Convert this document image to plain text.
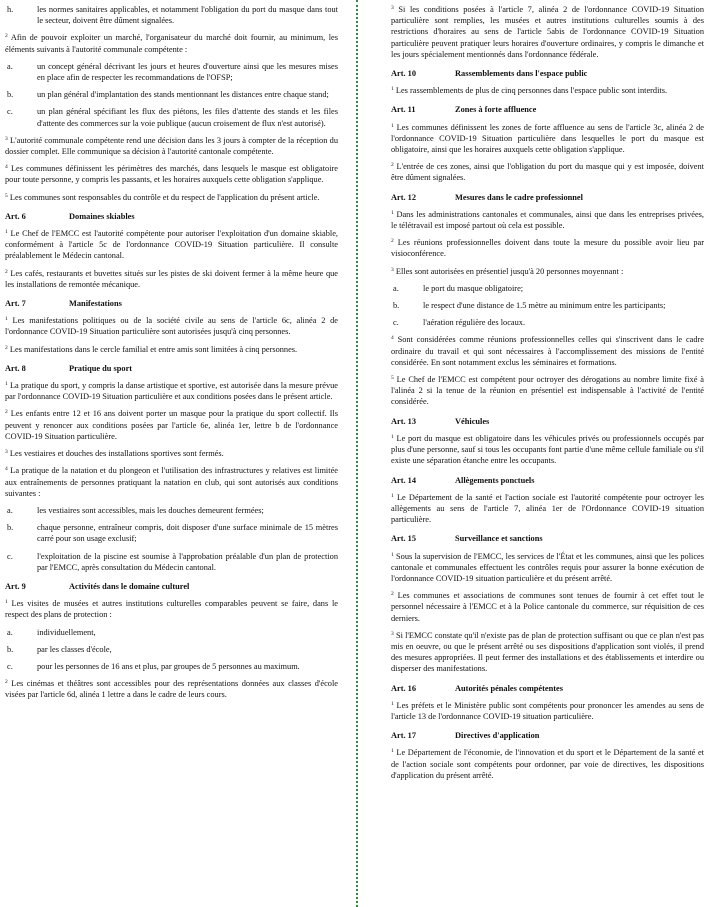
h.	les normes sanitaires applicables, et notamment l'obligation du port du masque dans tout le secteur, doivent être dûment signalées.

$^2$ Afin de pouvoir exploiter un marché, l'organisateur du marché doit fournir, au minimum, les éléments suivants à l'autorité communale compétente :

a.	un concept général décrivant les jours et heures d'ouverture ainsi que les mesures mises en place afin de respecter les recommandations de l'OFSP;
b.	un plan général d'implantation des stands mentionnant les distances entre chaque stand;
c.	un plan général spécifiant les flux des piétons, les files d'attente des stands et les files d'attente des commerces sur la voie publique (aucun croisement de flux n'est autorisé).

$^3$ L'autorité communale compétente rend une décision dans les 3 jours à compter de la réception du dossier complet. Elle communique sa décision à l'autorité cantonale compétente.

$^4$ Les communes définissent les périmètres des marchés, dans lesquels le masque est obligatoire pour toute personne, y compris les passants, et les horaires auxquels cette obligation s'applique.

$^5$ Les communes sont responsables du contrôle et du respect de l'application du présent article.

Art. 6	Domaines skiables

$^1$ Le Chef de l'EMCC est l'autorité compétente pour autoriser l'exploitation d'un domaine skiable, conformément à l'article 5c de l'ordonnance COVID-19 Situation particulière. Il consulte préalablement le Médecin cantonal.

$^2$ Les cafés, restaurants et buvettes situés sur les pistes de ski doivent fermer à la même heure que les installations de remontée mécanique.

Art. 7	Manifestations

$^1$ Les manifestations politiques ou de la société civile au sens de l'article 6c, alinéa 2 de l'ordonnance COVID-19 Situation particulière sont autorisées jusqu'à cinq personnes.

$^2$ Les manifestations dans le cercle familial et entre amis sont limitées à cinq personnes.

Art. 8	Pratique du sport

$^1$ La pratique du sport, y compris la danse artistique et sportive, est autorisée dans la mesure prévue par l'ordonnance COVID-19 Situation particulière et aux conditions posées dans le présent article.

$^2$ Les enfants entre 12 et 16 ans doivent porter un masque pour la pratique du sport collectif. Ils peuvent y renoncer aux conditions posées par l'article 6e, alinéa 1er, lettre b de l'ordonnance COVID-19 Situation particulière.

$^3$ Les vestiaires et douches des installations sportives sont fermés.

$^4$ La pratique de la natation et du plongeon et l'utilisation des infrastructures y relatives est limitée aux entraînements de personnes pratiquant la natation en club, qui sont autorisés aux conditions suivantes :

a.	les vestiaires sont accessibles, mais les douches demeurent fermées;
b.	chaque personne, entraîneur compris, doit disposer d'une surface minimale de 15 mètres carré pour son usage exclusif;
c.	l'exploitation de la piscine est soumise à l'approbation préalable d'un plan de protection par l'EMCC, après consultation du Médecin cantonal.
Art. 9	Activités dans le domaine culturel

$^1$ Les visites de musées et autres institutions culturelles comparables peuvent se faire, dans le respect des plans de protection :

a.	individuellement,
b.	par les classes d'école,
c.	pour les personnes de 16 ans et plus, par groupes de 5 personnes au maximum.

$^2$ Les cinémas et théâtres sont accessibles pour des représentations données aux classes d'école visées par l'article 6d, alinéa 1 lettre a dans le cadre de leurs cours.

$^3$ Si les conditions posées à l'article 7, alinéa 2 de l'ordonnance COVID-19 Situation particulière sont remplies, les musées et autres institutions culturelles soumis à des restrictions d'horaires au sens de l'article 5abis de l'ordonnance COVID-19 Situation particulière peuvent pratiquer leurs horaires d'ouverture ordinaires, y compris le dimanche et les jours spécialement mentionnés dans l'ordonnance fédérale.

Art. 10	Rassemblements dans l'espace public

$^1$ Les rassemblements de plus de cinq personnes dans l'espace public sont interdits.

Art. 11	Zones à forte affluence

$^1$ Les communes définissent les zones de forte affluence au sens de l'article 3c, alinéa 2 de l'ordonnance COVID-19 Situation particulière dans lesquelles le port du masque est obligatoire, ainsi que les horaires auxquels cette obligation s'applique.

$^2$ L'entrée de ces zones, ainsi que l'obligation du port du masque qui y est imposée, doivent être dûment signalées.

Art. 12	Mesures dans le cadre professionnel

$^1$ Dans les administrations cantonales et communales, ainsi que dans les entreprises privées, le télétravail est imposé partout où cela est possible.

$^2$ Les réunions professionnelles doivent dans toute la mesure du possible avoir lieu par visioconférence.

$^3$ Elles sont autorisées en présentiel jusqu'à 20 personnes moyennant :

a.	le port du masque obligatoire;
b.	le respect d'une distance de 1.5 mètre au minimum entre les participants;
c.	l'aération régulière des locaux.

$^4$ Sont considérées comme réunions professionnelles celles qui s'inscrivent dans le cadre ordinaire du travail et qui sont nécessaires à l'accomplissement des missions de l'entité considérée. En sont notamment exclus les séminaires et formations.

$^5$ Le Chef de l'EMCC est compétent pour octroyer des dérogations au nombre limite fixé à l'alinéa 2 si la tenue de la réunion en présentiel est indispensable à l'activité de l'entité considérée.

Art. 13	Véhicules

$^1$ Le port du masque est obligatoire dans les véhicules privés ou professionnels occupés par plus d'une personne, sauf si tous les occupants font partie d'une même cellule familiale ou s'il existe une séparation étanche entre les occupants.

Art. 14	Allègements ponctuels

$^1$ Le Département de la santé et l'action sociale est l'autorité compétente pour octroyer les allègements au sens de l'article 7, alinéa 1er de l'Ordonnance COVID-19 situation particulière.

Art. 15	Surveillance et sanctions

$^1$ Sous la supervision de l'EMCC, les services de l'État et les communes, ainsi que les polices cantonale et communales effectuent les contrôles requis pour assurer la bonne exécution de l'ordonnance COVID-19 situation particulière et du présent arrêté.

$^2$ Les communes et associations de communes sont tenues de fournir à cet effet tout le personnel nécessaire à l'EMCC et à la Police cantonale du commerce, sur réquisition de ces derniers.

$^3$ Si l'EMCC constate qu'il n'existe pas de plan de protection suffisant ou que ce plan n'est pas mis en oeuvre, ou que le présent arrêté ou ses dispositions d'application sont violés, il prend des mesures appropriées. Il peut fermer des installations et des établissements et interdire ou disperser des manifestations.

Art. 16	Autorités pénales compétentes

$^1$ Les préfets et le Ministère public sont compétents pour prononcer les amendes au sens de l'article 13 de l'ordonnance COVID-19 situation particulière.

Art. 17	Directives d'application

$^1$ Le Département de l'économie, de l'innovation et du sport et le Département de la santé et de l'action sociale sont compétents pour ordonner, par voie de directives, les dispositions d'application du présent arrêté.
